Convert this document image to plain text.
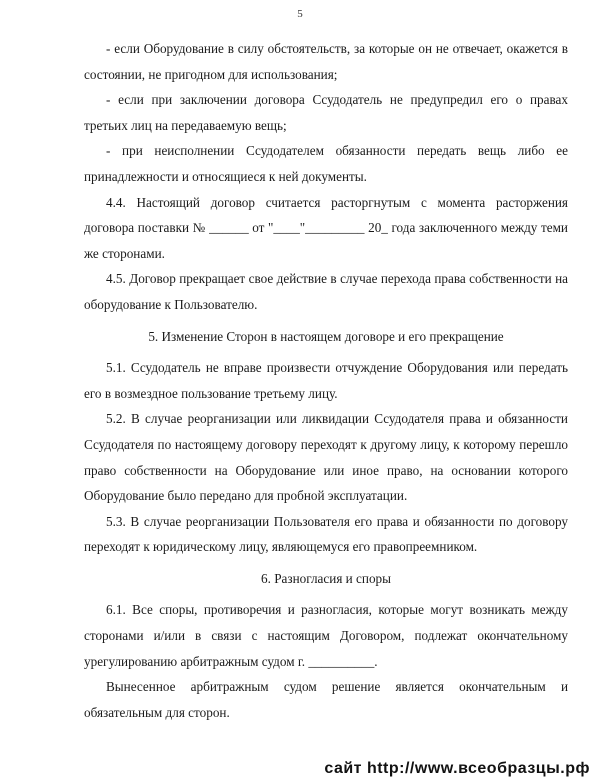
5

- если Оборудование в силу обстоятельств, за которые он не отвечает, окажется в состоянии, не пригодном для использования;

- если при заключении договора Ссудодатель не предупредил его о правах третьих лиц на передаваемую вещь;

- при неисполнении Ссудодателем обязанности передать вещь либо ее принадлежности и относящиеся к ней документы.

4.4. Настоящий договор считается расторгнутым с момента расторжения договора поставки № ______ от "____"_________ 20_ года заключенного между теми же сторонами.

4.5. Договор прекращает свое действие в случае перехода права собственности на оборудование к Пользователю.

5. Изменение Сторон в настоящем договоре и его прекращение

5.1. Ссудодатель не вправе произвести отчуждение Оборудования или передать его в возмездное пользование третьему лицу.

5.2. В случае реорганизации или ликвидации Ссудодателя права и обязанности Ссудодателя по настоящему договору переходят к другому лицу, к которому перешло право собственности на Оборудование или иное право, на основании которого Оборудование было передано для пробной эксплуатации.

5.3. В случае реорганизации Пользователя его права и обязанности по договору переходят к юридическому лицу, являющемуся его правопреемником.

6. Разногласия и споры

6.1. Все споры, противоречия и разногласия, которые могут возникать между сторонами и/или в связи с настоящим Договором, подлежат окончательному урегулированию арбитражным судом г. __________.

Вынесенное арбитражным судом решение является окончательным и обязательным для сторон.

сайт http://www.всеобразцы.рф
